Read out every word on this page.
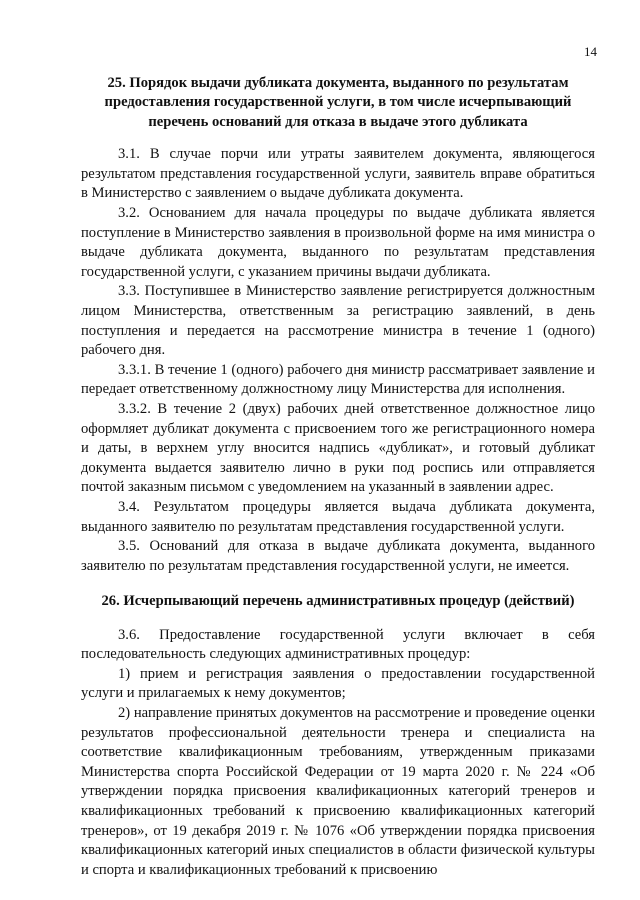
14

25. Порядок выдачи дубликата документа, выданного по результатам предоставления государственной услуги, в том числе исчерпывающий перечень оснований для отказа в выдаче этого дубликата

3.1. В случае порчи или утраты заявителем документа, являющегося результатом представления государственной услуги, заявитель вправе обратиться в Министерство с заявлением о выдаче дубликата документа.

3.2. Основанием для начала процедуры по выдаче дубликата является поступление в Министерство заявления в произвольной форме на имя министра о выдаче дубликата документа, выданного по результатам представления государственной услуги, с указанием причины выдачи дубликата.

3.3. Поступившее в Министерство заявление регистрируется должностным лицом Министерства, ответственным за регистрацию заявлений, в день поступления и передается на рассмотрение министра в течение 1 (одного) рабочего дня.

3.3.1. В течение 1 (одного) рабочего дня министр рассматривает заявление и передает ответственному должностному лицу Министерства для исполнения.

3.3.2. В течение 2 (двух) рабочих дней ответственное должностное лицо оформляет дубликат документа с присвоением того же регистрационного номера и даты, в верхнем углу вносится надпись «дубликат», и готовый дубликат документа выдается заявителю лично в руки под роспись или отправляется почтой заказным письмом с уведомлением на указанный в заявлении адрес.

3.4. Результатом процедуры является выдача дубликата документа, выданного заявителю по результатам представления государственной услуги.

3.5. Оснований для отказа в выдаче дубликата документа, выданного заявителю по результатам представления государственной услуги, не имеется.

26. Исчерпывающий перечень административных процедур (действий)

3.6. Предоставление государственной услуги включает в себя последовательность следующих административных процедур:

1) прием и регистрация заявления о предоставлении государственной услуги и прилагаемых к нему документов;

2) направление принятых документов на рассмотрение и проведение оценки результатов профессиональной деятельности тренера и специалиста на соответствие квалификационным требованиям, утвержденным приказами Министерства спорта Российской Федерации от 19 марта 2020 г. № 224 «Об утверждении порядка присвоения квалификационных категорий тренеров и квалификационных требований к присвоению квалификационных категорий тренеров», от 19 декабря 2019 г. № 1076 «Об утверждении порядка присвоения квалификационных категорий иных специалистов в области физической культуры и спорта и квалификационных требований к присвоению
